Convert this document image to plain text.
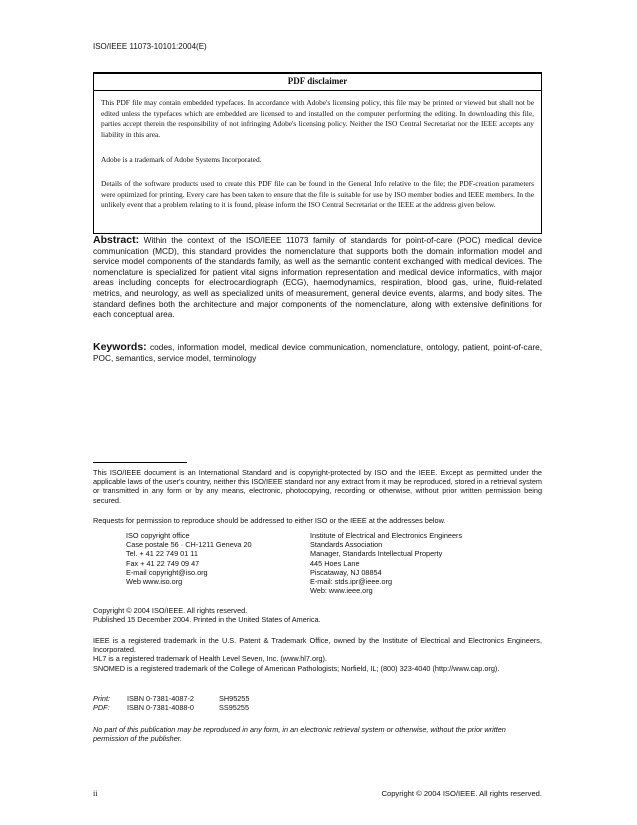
ISO/IEEE 11073-10101:2004(E)
PDF disclaimer
This PDF file may contain embedded typefaces. In accordance with Adobe's licensing policy, this file may be printed or viewed but shall not be edited unless the typefaces which are embedded are licensed to and installed on the computer performing the editing. In downloading this file, parties accept therein the responsibility of not infringing Adobe's licensing policy. Neither the ISO Central Secretariat nor the IEEE accepts any liability in this area.
Adobe is a trademark of Adobe Systems Incorporated.
Details of the software products used to create this PDF file can be found in the General Info relative to the file; the PDF-creation parameters were optimized for printing. Every care has been taken to ensure that the file is suitable for use by ISO member bodies and IEEE members. In the unlikely event that a problem relating to it is found, please inform the ISO Central Secretariat or the IEEE at the address given below.
Abstract: Within the context of the ISO/IEEE 11073 family of standards for point-of-care (POC) medical device communication (MCD), this standard provides the nomenclature that supports both the domain information model and service model components of the standards family, as well as the semantic content exchanged with medical devices. The nomenclature is specialized for patient vital signs information representation and medical device informatics, with major areas including concepts for electrocardiograph (ECG), haemodynamics, respiration, blood gas, urine, fluid-related metrics, and neurology, as well as specialized units of measurement, general device events, alarms, and body sites. The standard defines both the architecture and major components of the nomenclature, along with extensive definitions for each conceptual area.
Keywords: codes, information model, medical device communication, nomenclature, ontology, patient, point-of-care, POC, semantics, service model, terminology
This ISO/IEEE document is an International Standard and is copyright-protected by ISO and the IEEE. Except as permitted under the applicable laws of the user's country, neither this ISO/IEEE standard nor any extract from it may be reproduced, stored in a retrieval system or transmitted in any form or by any means, electronic, photocopying, recording or otherwise, without prior written permission being secured.
Requests for permission to reproduce should be addressed to either ISO or the IEEE at the addresses below.
ISO copyright office
Case postale 56 · CH-1211 Geneva 20
Tel. + 41 22 749 01 11
Fax + 41 22 749 09 47
E-mail copyright@iso.org
Web www.iso.org
Institute of Electrical and Electronics Engineers
Standards Association
Manager, Standards Intellectual Property
445 Hoes Lane
Piscataway, NJ 08854
E-mail: stds.ipr@ieee.org
Web: www.ieee.org
Copyright © 2004 ISO/IEEE. All rights reserved.
Published 15 December 2004. Printed in the United States of America.
IEEE is a registered trademark in the U.S. Patent & Trademark Office, owned by the Institute of Electrical and Electronics Engineers, Incorporated.
HL7 is a registered trademark of Health Level Seven, Inc. (www.hl7.org).
SNOMED is a registered trademark of the College of American Pathologists; Norfield, IL; (800) 323-4040 (http://www.cap.org).
Print: ISBN 0-7381-4087-2	SH95255
PDF: ISBN 0-7381-4088-0	SS95255
No part of this publication may be reproduced in any form, in an electronic retrieval system or otherwise, without the prior written permission of the publisher.
ii	Copyright © 2004 ISO/IEEE. All rights reserved.
